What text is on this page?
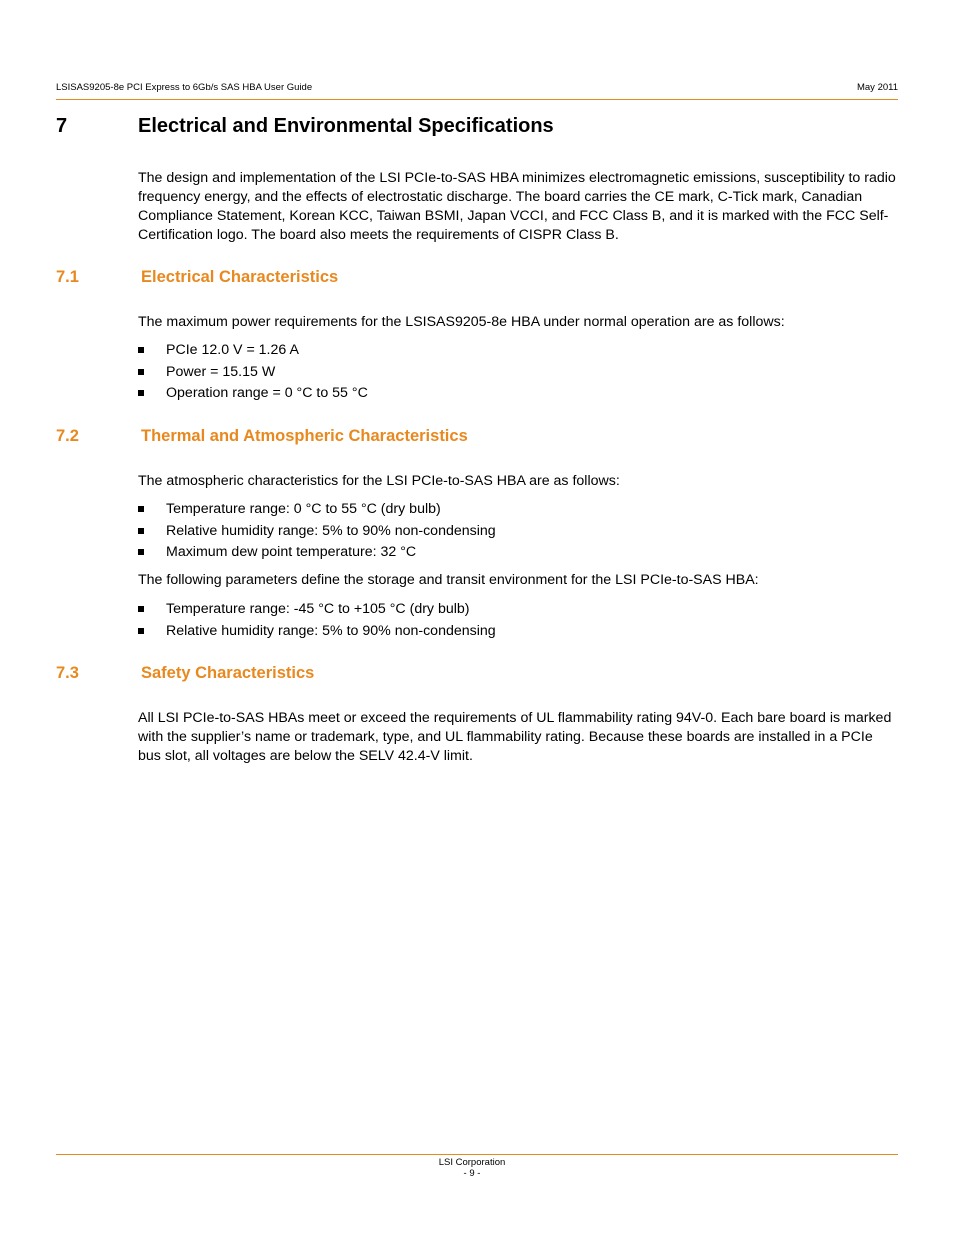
LSISAS9205-8e PCI Express to 6Gb/s SAS HBA User Guide	May 2011
7	Electrical and Environmental Specifications

The design and implementation of the LSI PCIe-to-SAS HBA minimizes electromagnetic emissions, susceptibility to radio frequency energy, and the effects of electrostatic discharge. The board carries the CE mark, C-Tick mark, Canadian Compliance Statement, Korean KCC, Taiwan BSMI, Japan VCCI, and FCC Class B, and it is marked with the FCC Self-Certification logo. The board also meets the requirements of CISPR Class B.

7.1	Electrical Characteristics

The maximum power requirements for the LSISAS9205-8e HBA under normal operation are as follows:

PCIe 12.0 V = 1.26 A
Power = 15.15 W
Operation range = 0 °C to 55 °C
7.2	Thermal and Atmospheric Characteristics

The atmospheric characteristics for the LSI PCIe-to-SAS HBA are as follows:

Temperature range: 0 °C to 55 °C (dry bulb)
Relative humidity range: 5% to 90% non-condensing
Maximum dew point temperature: 32 °C

The following parameters define the storage and transit environment for the LSI PCIe-to-SAS HBA:

Temperature range: -45 °C to +105 °C (dry bulb)
Relative humidity range: 5% to 90% non-condensing
7.3	Safety Characteristics

All LSI PCIe-to-SAS HBAs meet or exceed the requirements of UL flammability rating 94V-0. Each bare board is marked with the supplier’s name or trademark, type, and UL flammability rating. Because these boards are installed in a PCIe bus slot, all voltages are below the SELV 42.4-V limit.

LSI Corporation
- 9 -
